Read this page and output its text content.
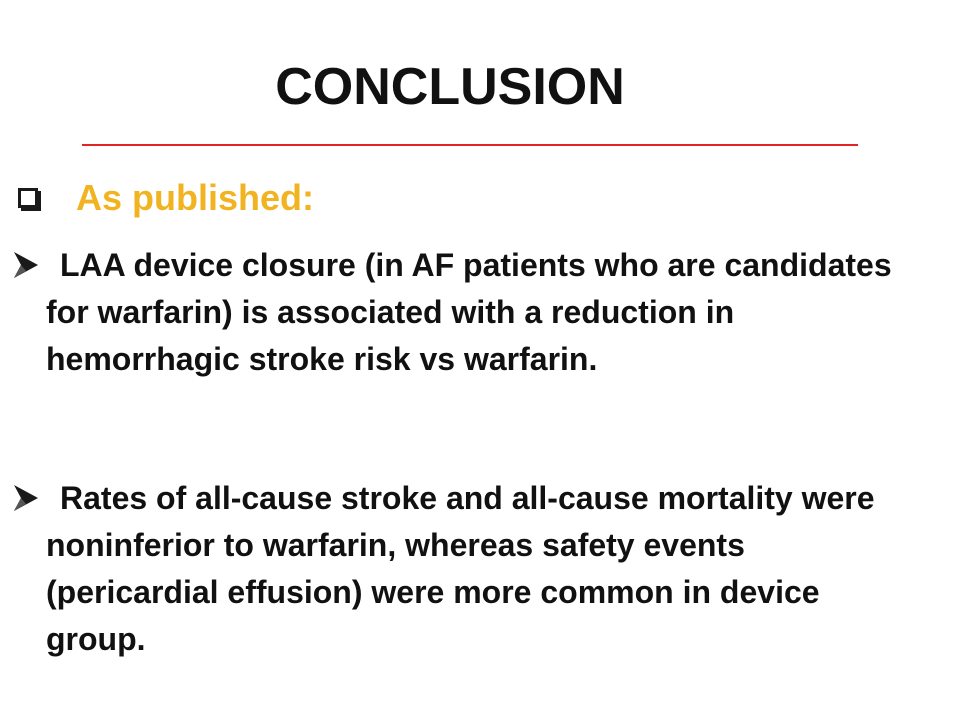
CONCLUSION
As published:
LAA device closure (in AF patients who are candidates for warfarin) is associated with a reduction in hemorrhagic stroke risk vs warfarin.
Rates of all-cause stroke and all-cause mortality were noninferior to warfarin, whereas safety events (pericardial effusion) were more common in device group.
